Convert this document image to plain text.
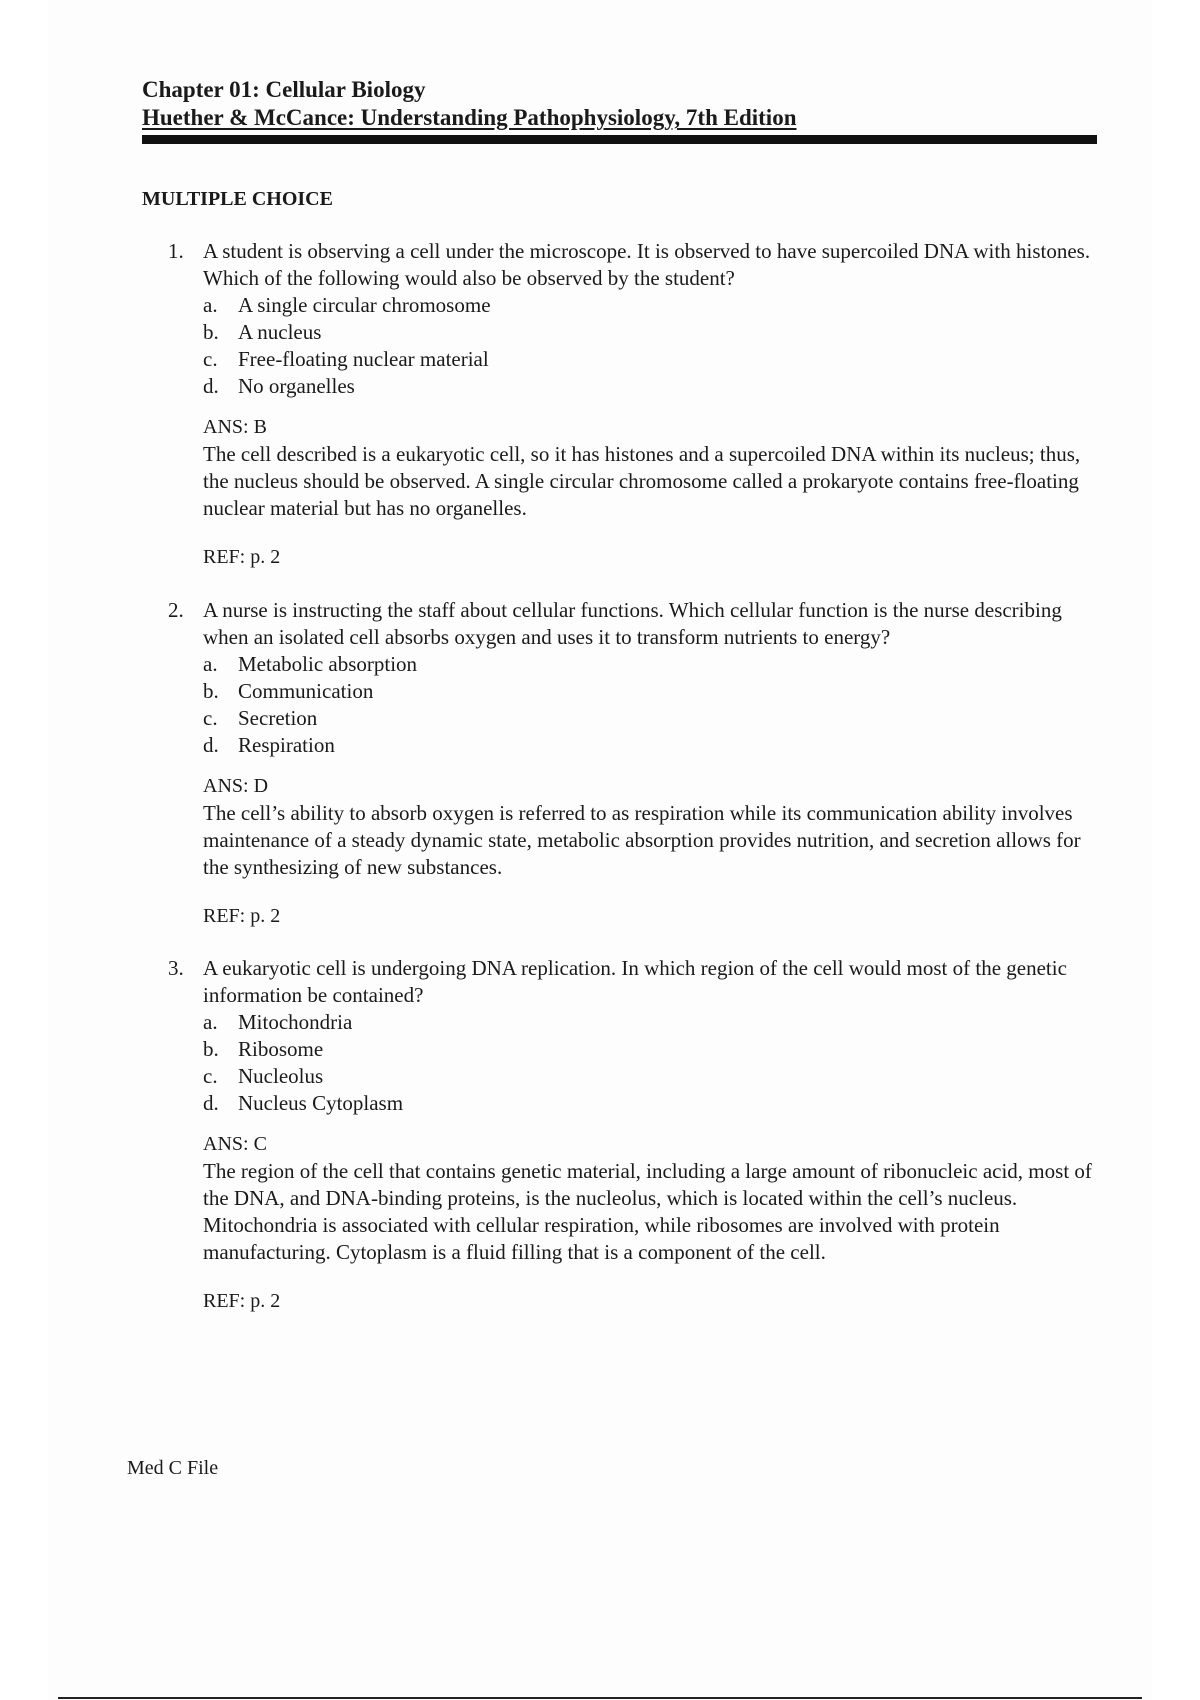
Chapter 01: Cellular Biology
Huether & McCance: Understanding Pathophysiology, 7th Edition
MULTIPLE CHOICE
1. A student is observing a cell under the microscope. It is observed to have supercoiled DNA with histones. Which of the following would also be observed by the student?
a. A single circular chromosome
b. A nucleus
c. Free-floating nuclear material
d. No organelles
ANS: B
The cell described is a eukaryotic cell, so it has histones and a supercoiled DNA within its nucleus; thus, the nucleus should be observed. A single circular chromosome called a prokaryote contains free-floating nuclear material but has no organelles.
REF: p. 2
2. A nurse is instructing the staff about cellular functions. Which cellular function is the nurse describing when an isolated cell absorbs oxygen and uses it to transform nutrients to energy?
a. Metabolic absorption
b. Communication
c. Secretion
d. Respiration
ANS: D
The cell’s ability to absorb oxygen is referred to as respiration while its communication ability involves maintenance of a steady dynamic state, metabolic absorption provides nutrition, and secretion allows for the synthesizing of new substances.
REF: p. 2
3. A eukaryotic cell is undergoing DNA replication. In which region of the cell would most of the genetic information be contained?
a. Mitochondria
b. Ribosome
c. Nucleolus
d. Nucleus Cytoplasm
ANS: C
The region of the cell that contains genetic material, including a large amount of ribonucleic acid, most of the DNA, and DNA-binding proteins, is the nucleolus, which is located within the cell’s nucleus. Mitochondria is associated with cellular respiration, while ribosomes are involved with protein manufacturing. Cytoplasm is a fluid filling that is a component of the cell.
REF: p. 2
Med C File
